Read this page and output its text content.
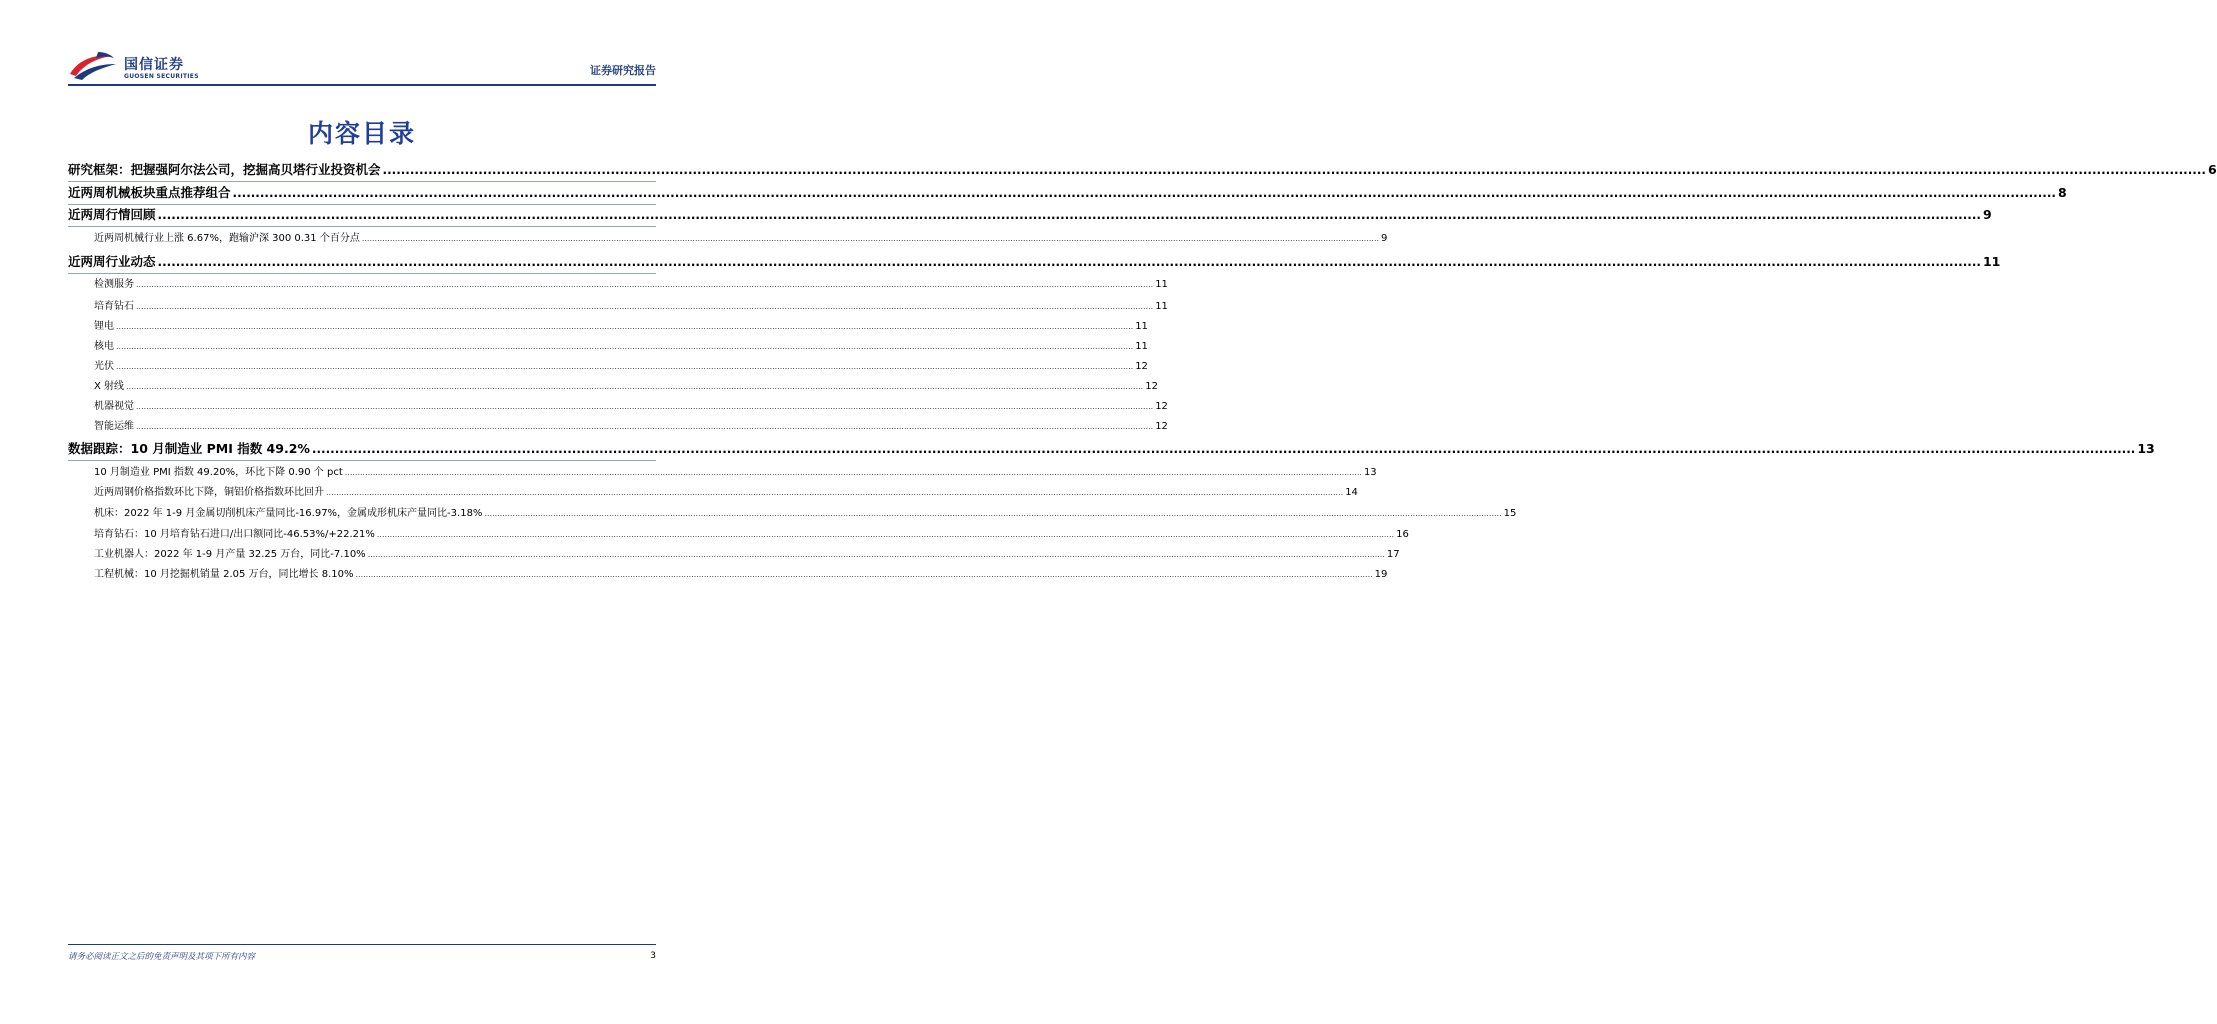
国信证券
GUOSEN SECURITIES	证券研究报告
内容目录
研究框架：把握强阿尔法公司，挖掘高贝塔行业投资机会 ................................................................................................................................................................................................................................................................................................................................................................................................................ 6
近两周机械板块重点推荐组合 ................................................................................................................................................................................................................................................................................................................................................................................................................ 8
近两周行情回顾 ................................................................................................................................................................................................................................................................................................................................................................................................................ 9
近两周机械行业上涨 6.67%，跑输沪深 300 0.31 个百分点 ................................................................................................................................................................................................................................................................................................................................................................................................................ 9
近两周行业动态 ................................................................................................................................................................................................................................................................................................................................................................................................................ 11
检测服务 ................................................................................................................................................................................................................................................................................................................................................................................................................ 11
培育钻石 ................................................................................................................................................................................................................................................................................................................................................................................................................ 11
锂电 ................................................................................................................................................................................................................................................................................................................................................................................................................ 11
核电 ................................................................................................................................................................................................................................................................................................................................................................................................................ 11
光伏 ................................................................................................................................................................................................................................................................................................................................................................................................................ 12
X 射线 ................................................................................................................................................................................................................................................................................................................................................................................................................ 12
机器视觉 ................................................................................................................................................................................................................................................................................................................................................................................................................ 12
智能运维 ................................................................................................................................................................................................................................................................................................................................................................................................................ 12
数据跟踪：10 月制造业 PMI 指数 49.2% ................................................................................................................................................................................................................................................................................................................................................................................................................ 13
10 月制造业 PMI 指数 49.20%，环比下降 0.90 个 pct ................................................................................................................................................................................................................................................................................................................................................................................................................ 13
近两周钢价格指数环比下降，铜铝价格指数环比回升 ................................................................................................................................................................................................................................................................................................................................................................................................................ 14
机床：2022 年 1-9 月金属切削机床产量同比-16.97%，金属成形机床产量同比-3.18% ................................................................................................................................................................................................................................................................................................................................................................................................................ 15
培育钻石：10 月培育钻石进口/出口额同比-46.53%/+22.21% ................................................................................................................................................................................................................................................................................................................................................................................................................ 16
工业机器人：2022 年 1-9 月产量 32.25 万台，同比-7.10% ................................................................................................................................................................................................................................................................................................................................................................................................................ 17
工程机械：10 月挖掘机销量 2.05 万台，同比增长 8.10% ................................................................................................................................................................................................................................................................................................................................................................................................................ 19
请务必阅读正文之后的免责声明及其项下所有内容	3
